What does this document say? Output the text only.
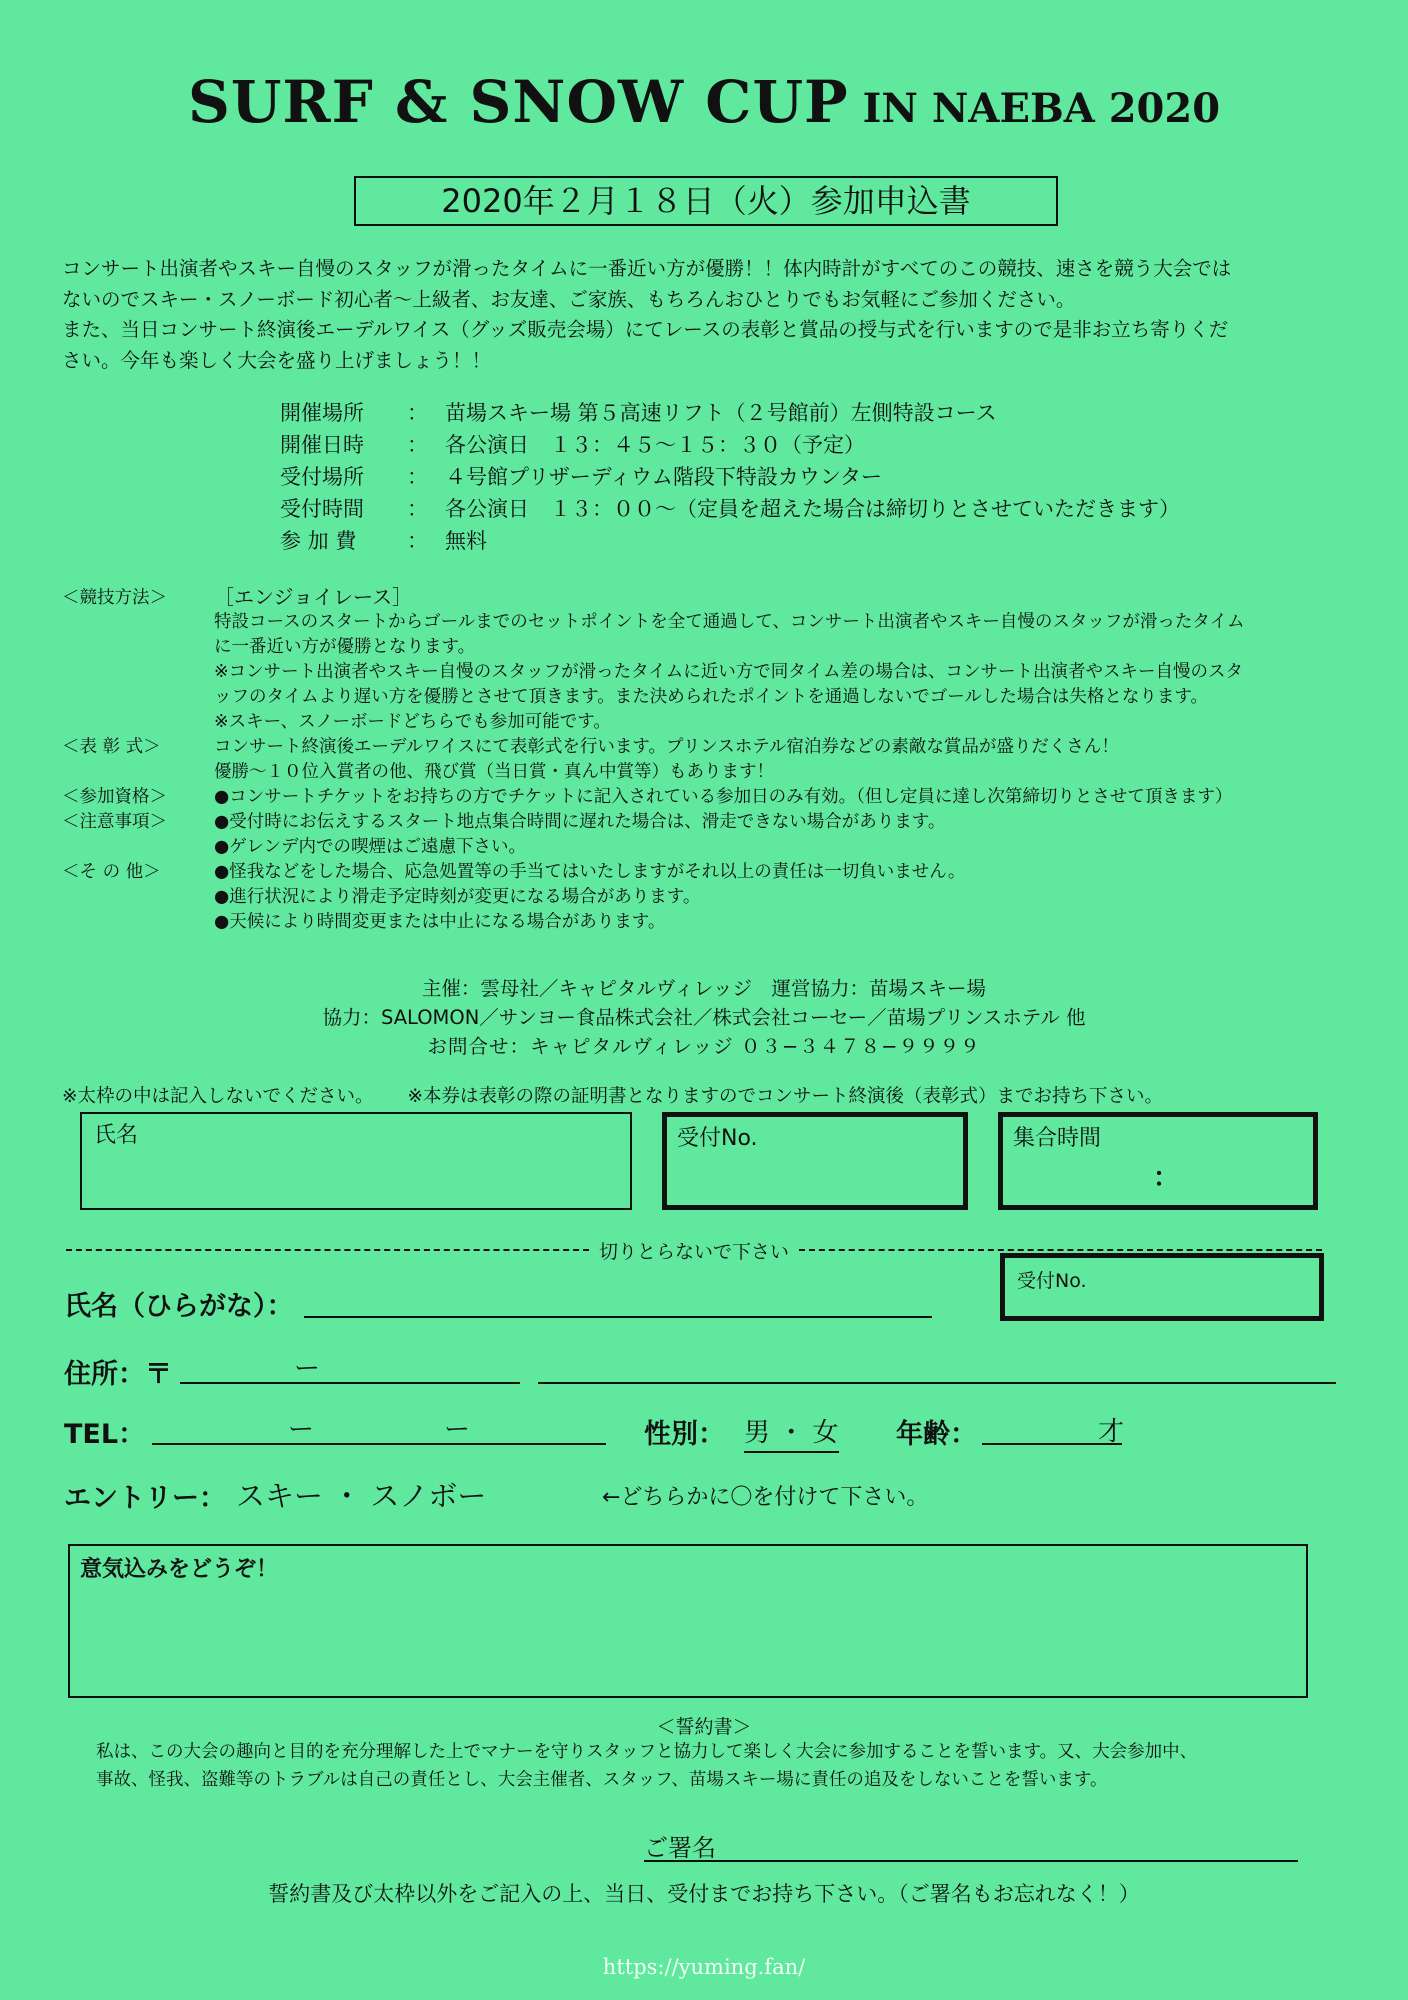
SURF & SNOW CUP IN NAEBA 2020
2020年２月１８日（火）参加申込書

コンサート出演者やスキー自慢のスタッフが滑ったタイムに一番近い方が優勝！！体内時計がすべてのこの競技、速さを競う大会では

ないのでスキー・スノーボード初心者〜上級者、お友達、ご家族、もちろんおひとりでもお気軽にご参加ください。

また、当日コンサート終演後エーデルワイス（グッズ販売会場）にてレースの表彰と賞品の授与式を行いますので是非お立ち寄りくだ

さい。今年も楽しく大会を盛り上げましょう！！

開催場所 ： 苗場スキー場 第５高速リフト（２号館前）左側特設コース
開催日時 ： 各公演日　１３：４５〜１５：３０（予定）
受付場所 ： ４号館プリザーディウム階段下特設カウンター
受付時間 ： 各公演日　１３：００〜（定員を超えた場合は締切りとさせていただきます）
参 加 費 ： 無料
＜競技方法＞ ［エンジョイレース］
特設コースのスタートからゴールまでのセットポイントを全て通過して、コンサート出演者やスキー自慢のスタッフが滑ったタイム
に一番近い方が優勝となります。
※コンサート出演者やスキー自慢のスタッフが滑ったタイムに近い方で同タイム差の場合は、コンサート出演者やスキー自慢のスタ
ッフのタイムより遅い方を優勝とさせて頂きます。また決められたポイントを通過しないでゴールした場合は失格となります。
※スキー、スノーボードどちらでも参加可能です。
＜表 彰 式＞	コンサート終演後エーデルワイスにて表彰式を行います。プリンスホテル宿泊券などの素敵な賞品が盛りだくさん！
優勝〜１０位入賞者の他、飛び賞（当日賞・真ん中賞等）もあります！
＜参加資格＞	●コンサートチケットをお持ちの方でチケットに記入されている参加日のみ有効。（但し定員に達し次第締切りとさせて頂きます）
＜注意事項＞	●受付時にお伝えするスタート地点集合時間に遅れた場合は、滑走できない場合があります。
●ゲレンデ内での喫煙はご遠慮下さい。
＜そ の 他＞	●怪我などをした場合、応急処置等の手当てはいたしますがそれ以上の責任は一切負いません。
●進行状況により滑走予定時刻が変更になる場合があります。
●天候により時間変更または中止になる場合があります。
主催：雲母社／キャピタルヴィレッジ　運営協力：苗場スキー場
協力：SALOMON／サンヨー食品株式会社／株式会社コーセー／苗場プリンスホテル 他
お問合せ：キャピタルヴィレッジ ０３−３４７８−９９９９
※太枠の中は記入しないでください。 ※本券は表彰の際の証明書となりますのでコンサート終演後（表彰式）までお持ち下さい。
氏名	受付No.	集合時間
：
切りとらないで下さい
受付No.
氏名（ひらがな）：
住所：〒	ー
TEL：	ー	ー	性別： 男 ・ 女 年齢：	才
エントリー： スキー ・ スノボー	←どちらかに〇を付けて下さい。
意気込みをどうぞ！
＜誓約書＞
私は、この大会の趣向と目的を充分理解した上でマナーを守りスタッフと協力して楽しく大会に参加することを誓います。又、大会参加中、
事故、怪我、盗難等のトラブルは自己の責任とし、大会主催者、スタッフ、苗場スキー場に責任の追及をしないことを誓います。
ご署名
誓約書及び太枠以外をご記入の上、当日、受付までお持ち下さい。（ご署名もお忘れなく！）
https://yuming.fan/
